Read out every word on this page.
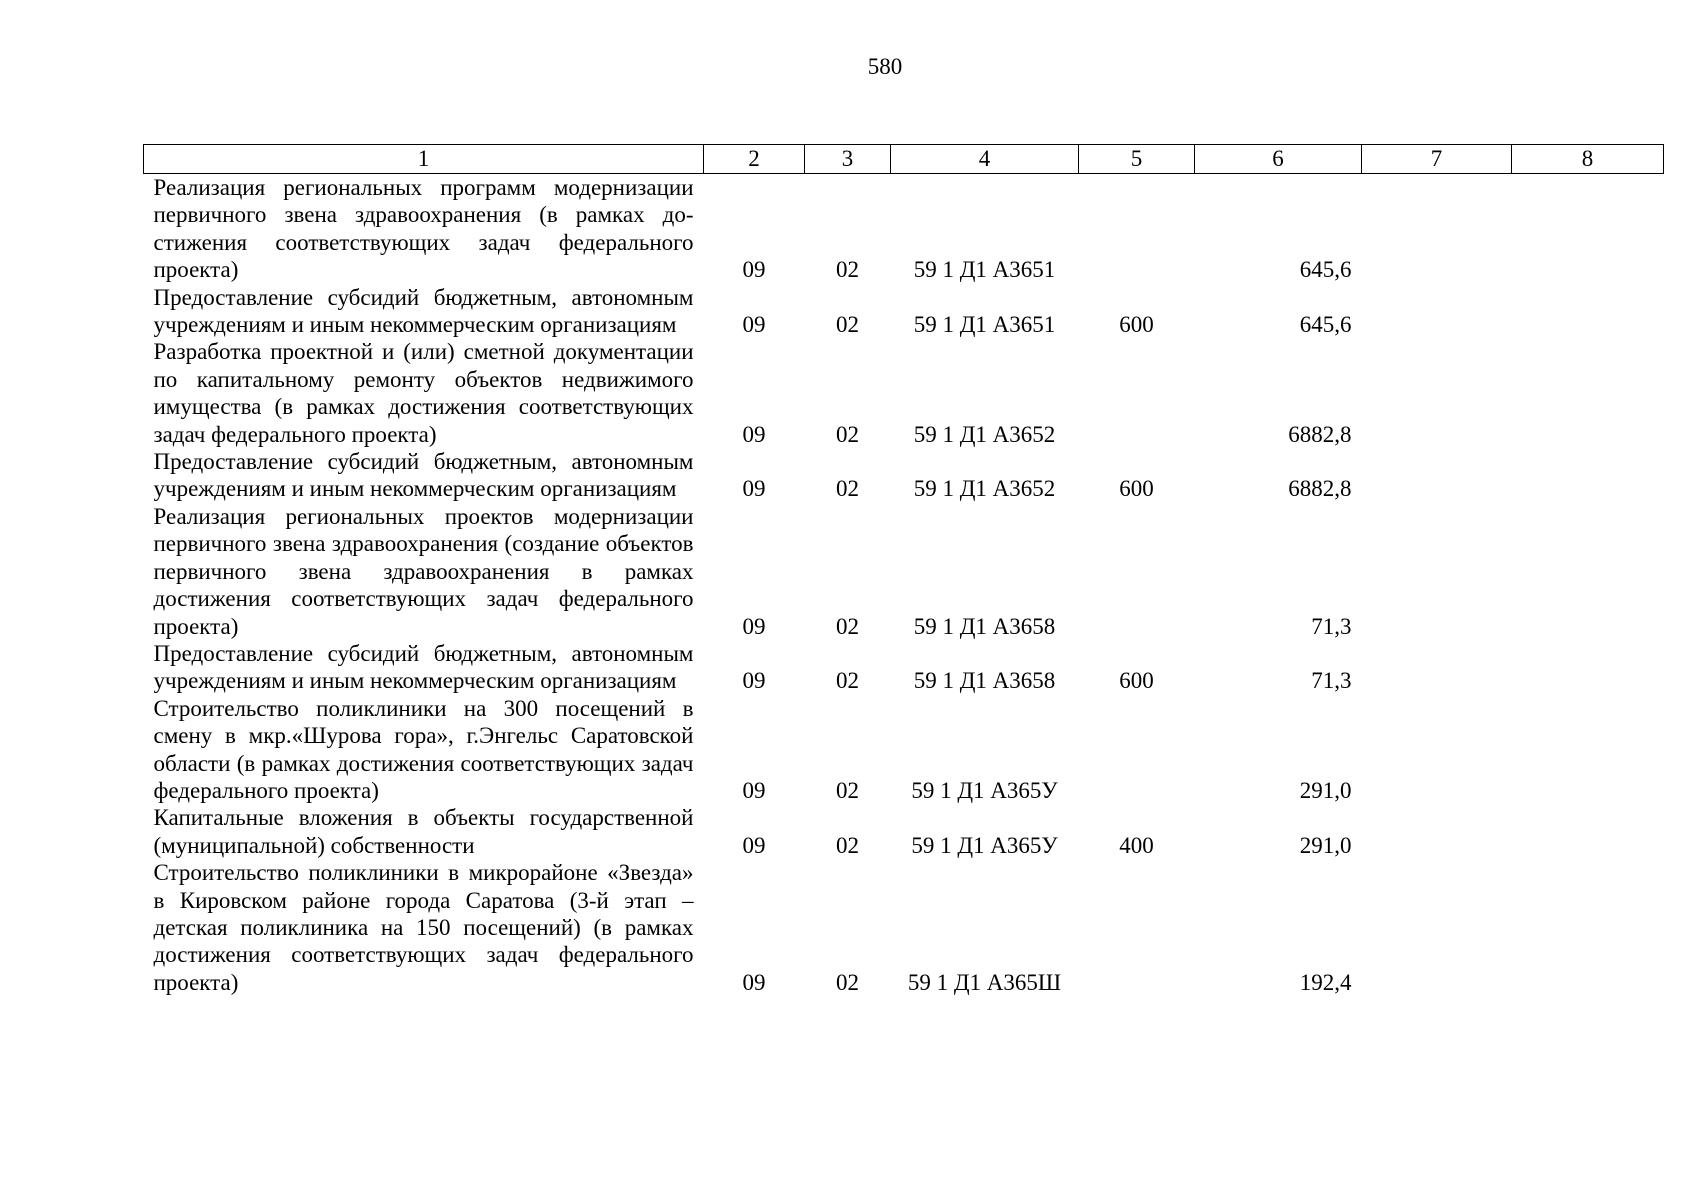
580
1	2	3	4	5	6	7	8
Реализация региональных программ модернизации первичного звена здравоохранения (в рамках достижения соответствующих задач федерального проекта)	09	02	59 1 Д1 А3651		645,6		
Предоставление субсидий бюджетным, автономным учреждениям и иным некоммерческим организациям	09	02	59 1 Д1 А3651	600	645,6		
Разработка проектной и (или) сметной документации по капитальному ремонту объектов недвижимого имущества (в рамках достижения соответствующих задач федерального проекта)	09	02	59 1 Д1 А3652		6882,8		
Предоставление субсидий бюджетным, автономным учреждениям и иным некоммерческим организациям	09	02	59 1 Д1 А3652	600	6882,8		
Реализация региональных проектов модернизации первичного звена здравоохранения (создание объектов первичного звена здравоохранения в рамках достижения соответствующих задач федерального проекта)	09	02	59 1 Д1 А3658		71,3		
Предоставление субсидий бюджетным, автономным учреждениям и иным некоммерческим организациям	09	02	59 1 Д1 А3658	600	71,3		
Строительство поликлиники на 300 посещений в смену в мкр.«Шурова гора», г.Энгельс Саратовской области (в рамках достижения соответствующих задач федерального проекта)	09	02	59 1 Д1 А365У		291,0		
Капитальные вложения в объекты государственной (муниципальной) собственности	09	02	59 1 Д1 А365У	400	291,0		
Строительство поликлиники в микрорайоне «Звезда» в Кировском районе города Саратова (3-й этап – детская поликлиника на 150 посещений) (в рамках достижения соответствующих задач федерального проекта)	09	02	59 1 Д1 А365Ш		192,4		
